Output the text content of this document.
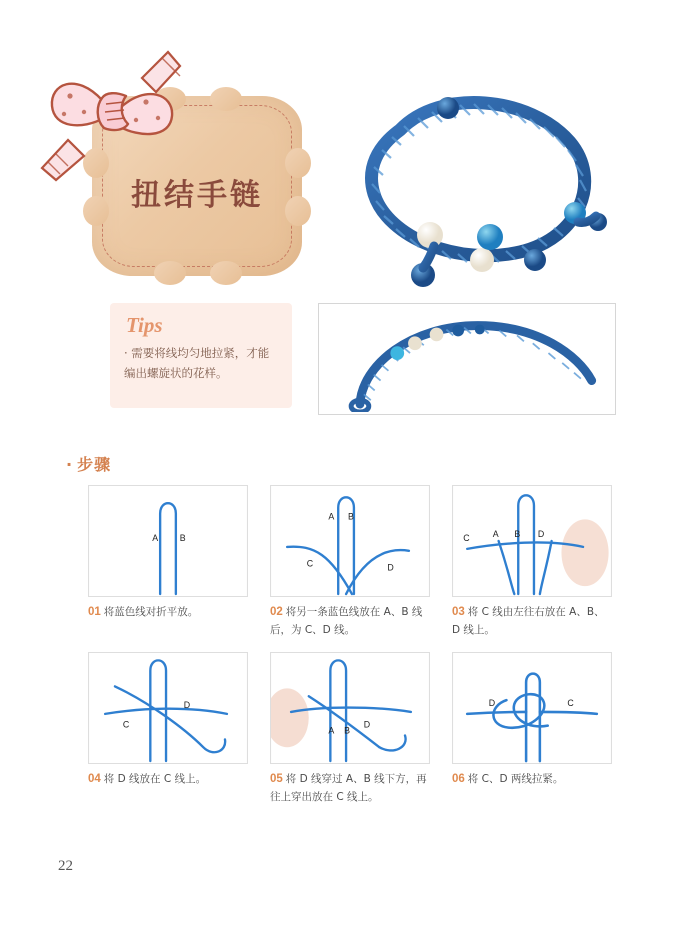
扭结手链
Tips
· 需要将线均匀地拉紧，才能编出螺旋状的花样。
· 步骤
A B
01 将蓝色线对折平放。
A B
C	D
02 将另一条蓝色线放在 A、B 线后，为 C、D 线。
C	A B D
03 将 C 线由左往右放在 A、B、D 线上。
D
C
04 将 D 线放在 C 线上。
A B
D
05 将 D 线穿过 A、B 线下方，再往上穿出放在 C 线上。
D	C
06 将 C、D 两线拉紧。
22
